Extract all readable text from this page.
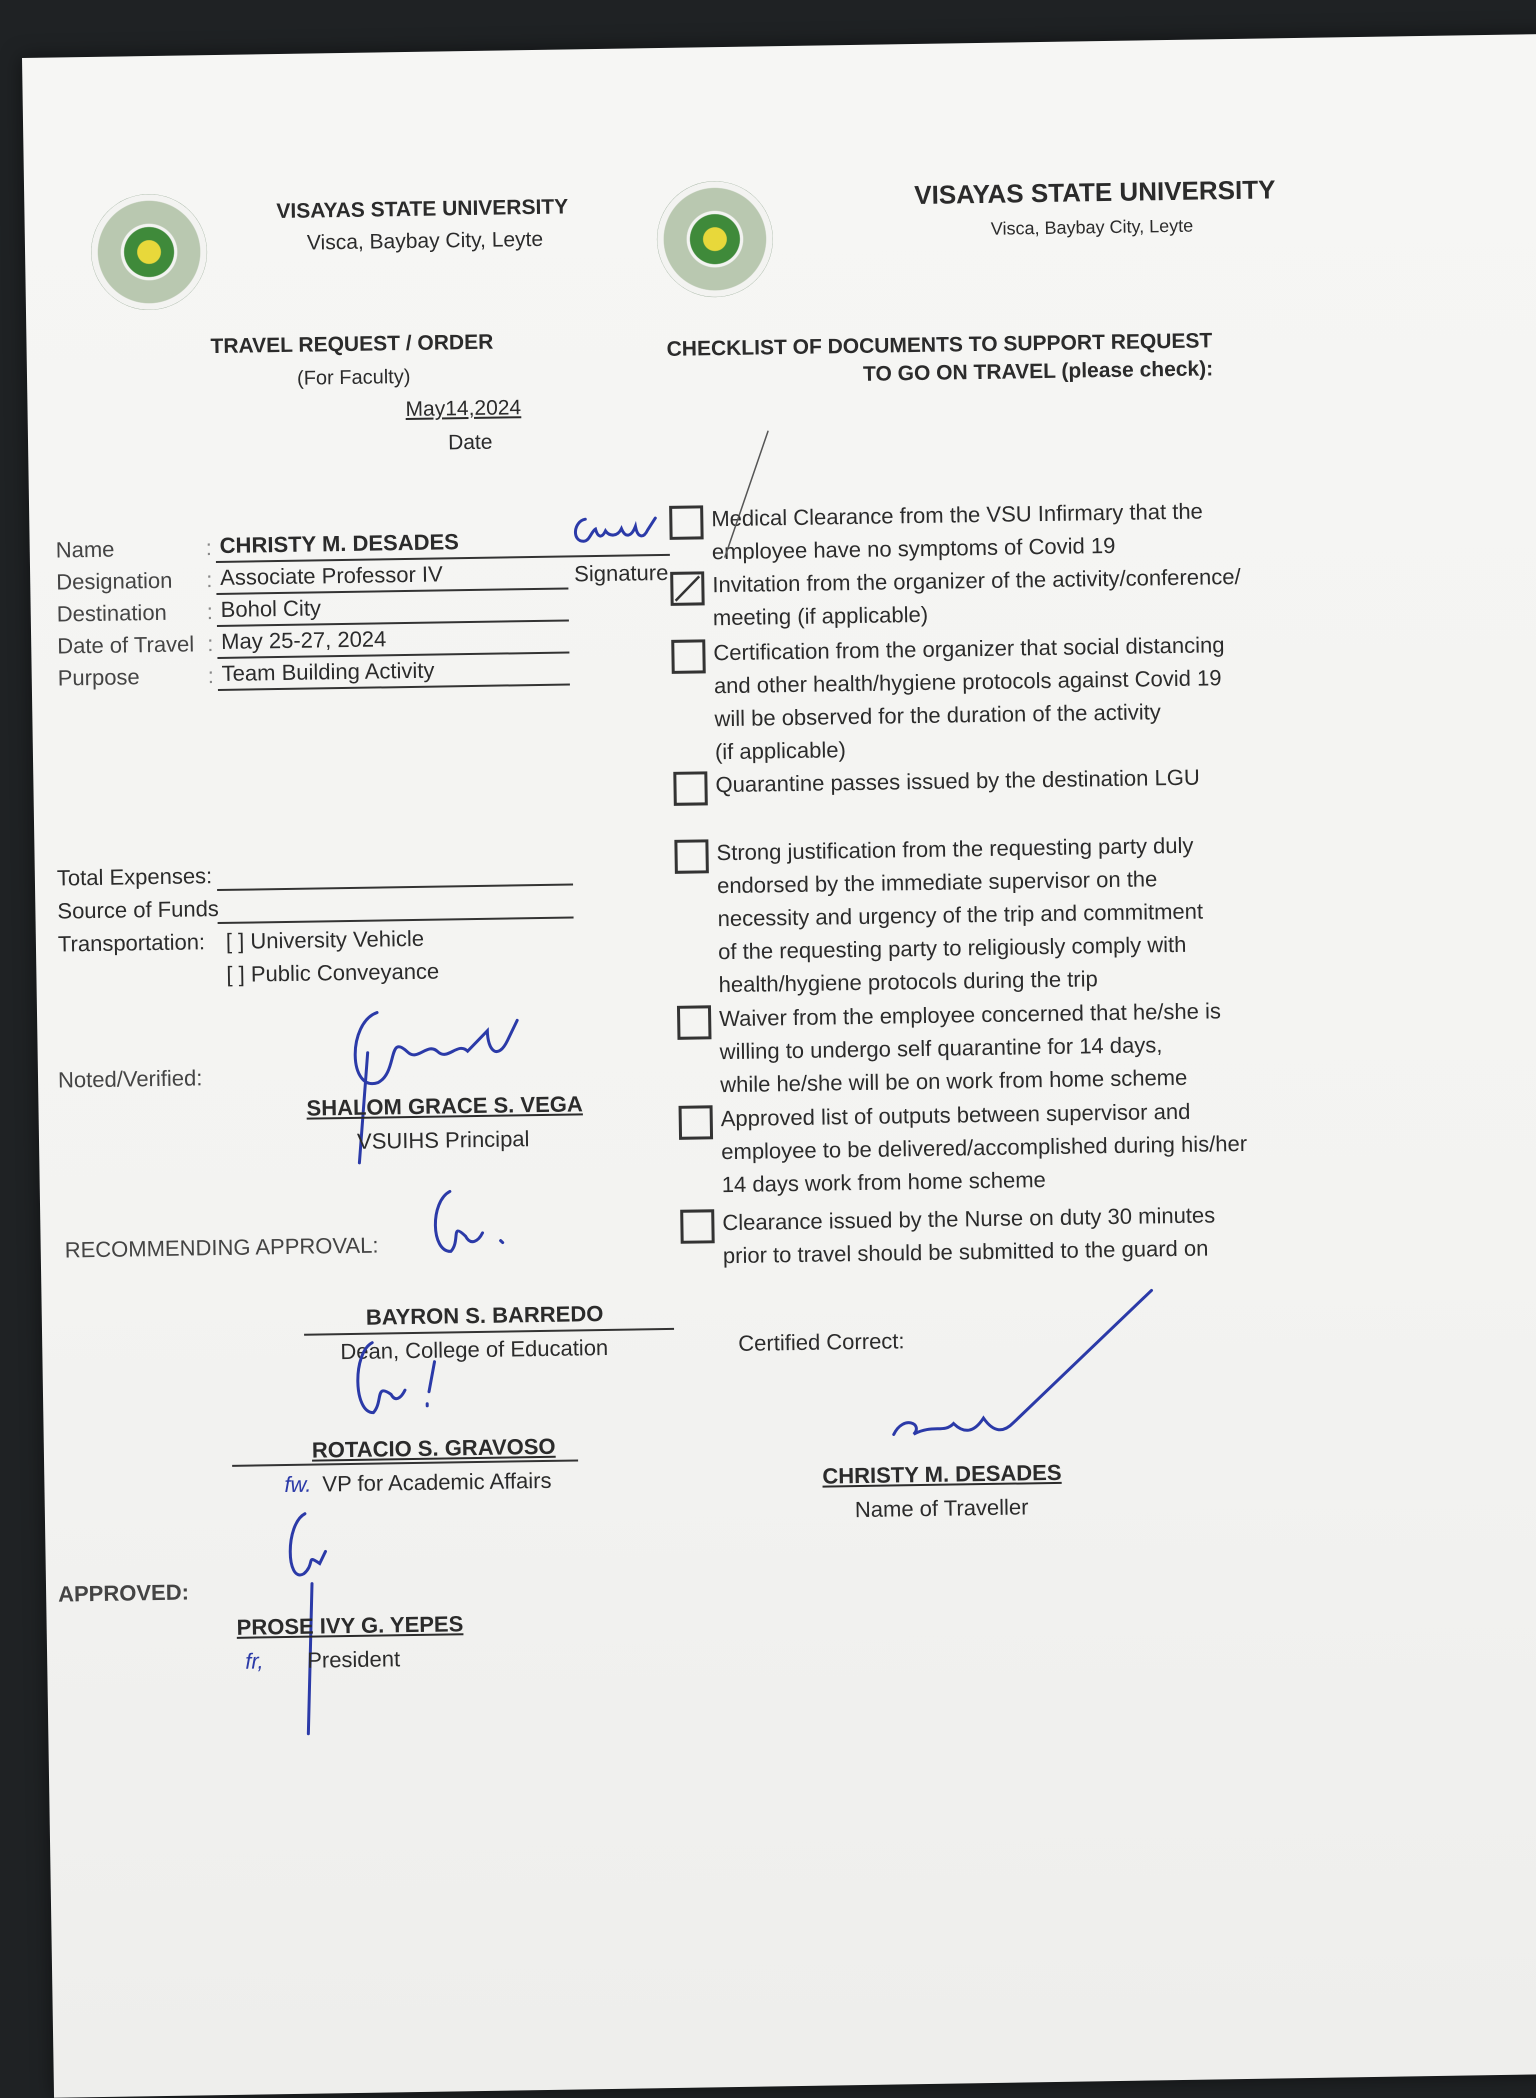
VISAYAS STATE UNIVERSITY
Visca, Baybay City, Leyte
VISAYAS STATE UNIVERSITY
Visca, Baybay City, Leyte
TRAVEL REQUEST / ORDER
(For Faculty)
May14,2024
Date
CHECKLIST OF DOCUMENTS TO SUPPORT REQUEST
TO GO ON TRAVEL (please check):
Name	: CHRISTY M. DESADES
Designation : Associate Professor IV
Destination : Bohol City
Date of Travel : May 25-27, 2024
Purpose	: Team Building Activity
Signature
Total Expenses:
Source of Funds
Transportation: [ ] University Vehicle
[ ] Public Conveyance
Noted/Verified:
SHALOM GRACE S. VEGA
VSUIHS Principal
RECOMMENDING APPROVAL:
BAYRON S. BARREDO
Dean, College of Education
ROTACIO S. GRAVOSO
fw. VP for Academic Affairs
APPROVED:
PROSE IVY G. YEPES
fr, President
Medical Clearance from the VSU Infirmary that the
employee have no symptoms of Covid 19
Invitation from the organizer of the activity/conference/
meeting (if applicable)
Certification from the organizer that social distancing
and other health/hygiene protocols against Covid 19
will be observed for the duration of the activity
(if applicable)
Quarantine passes issued by the destination LGU
Strong justification from the requesting party duly
endorsed by the immediate supervisor on the
necessity and urgency of the trip and commitment
of the requesting party to religiously comply with
health/hygiene protocols during the trip
Waiver from the employee concerned that he/she is
willing to undergo self quarantine for 14 days,
while he/she will be on work from home scheme
Approved list of outputs between supervisor and
employee to be delivered/accomplished during his/her
14 days work from home scheme
Clearance issued by the Nurse on duty 30 minutes
prior to travel should be submitted to the guard on
Certified Correct:
CHRISTY M. DESADES
Name of Traveller
